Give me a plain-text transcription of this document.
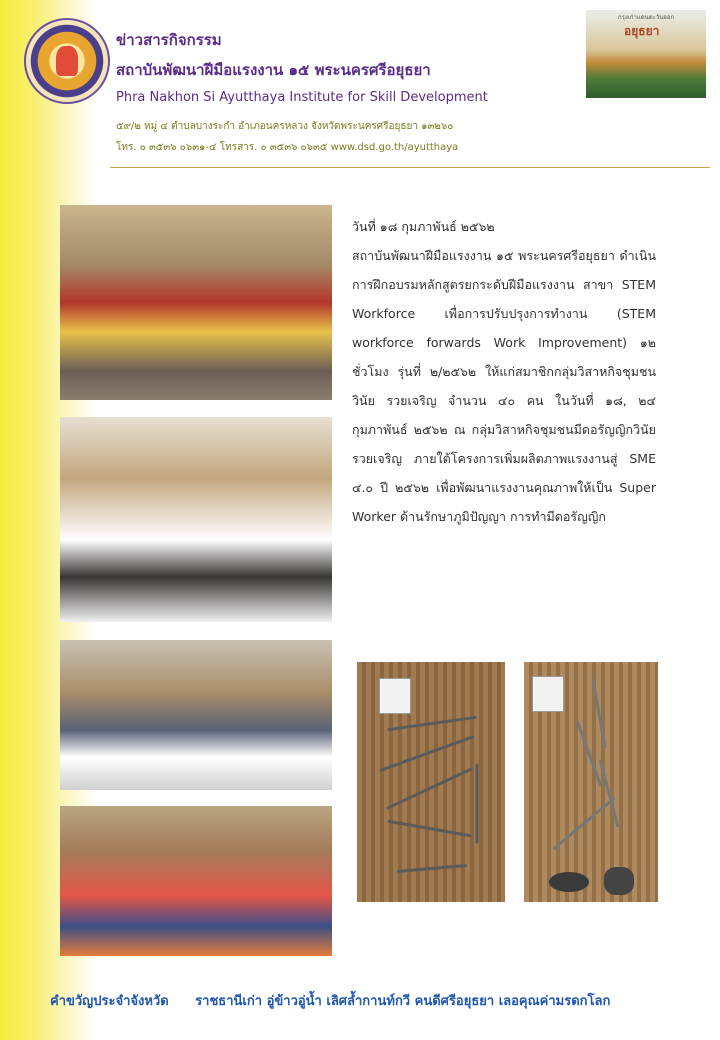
ข่าวสารกิจกรรม
สถาบันพัฒนาฝีมือแรงงาน ๑๕ พระนครศรีอยุธยา
Phra Nakhon Si Ayutthaya Institute for Skill Development
๕๙/๒ หมู่ ๔ ตำบลบางระกำ อำเภอนครหลวง จังหวัดพระนครศรีอยุธยา ๑๓๒๖๐
โทร. ๐ ๓๕๓๖ ๐๖๓๑-๔ โทรสาร. ๐ ๓๕๓๖ ๐๖๓๕ www.dsd.go.th/ayutthaya
กรุงเก่าแดนตะวันออก
อยุธยา

วันที่ ๑๘ กุมภาพันธ์ ๒๕๖๒

สถาบันพัฒนาฝีมือแรงงาน ๑๕ พระนครศรีอยุธยา ดำเนินการฝึกอบรมหลักสูตรยกระดับฝีมือแรงงาน สาขา STEM Workforce เพื่อการปรับปรุงการทำงาน (STEM workforce forwards Work Improvement) ๑๒ ชั่วโมง รุ่นที่ ๒/๒๕๖๒ ให้แก่สมาชิกกลุ่มวิสาหกิจชุมชนวินัย รวยเจริญ จำนวน ๔๐ คน ในวันที่ ๑๘, ๒๔ กุมภาพันธ์ ๒๕๖๒ ณ กลุ่มวิสาหกิจชุมชนมีดอรัญญิกวินัย รวยเจริญ ภายใต้โครงการเพิ่มผลิตภาพแรงงานสู่ SME ๔.๐ ปี ๒๕๖๒ เพื่อพัฒนาแรงงานคุณภาพให้เป็น Super Worker ด้านรักษาภูมิปัญญา การทำมีดอรัญญิก

คำขวัญประจำจังหวัด ราชธานีเก่า อู่ข้าวอู่น้ำ เลิศล้ำกานท์กวี คนดีศรีอยุธยา เลอคุณค่ามรดกโลก
